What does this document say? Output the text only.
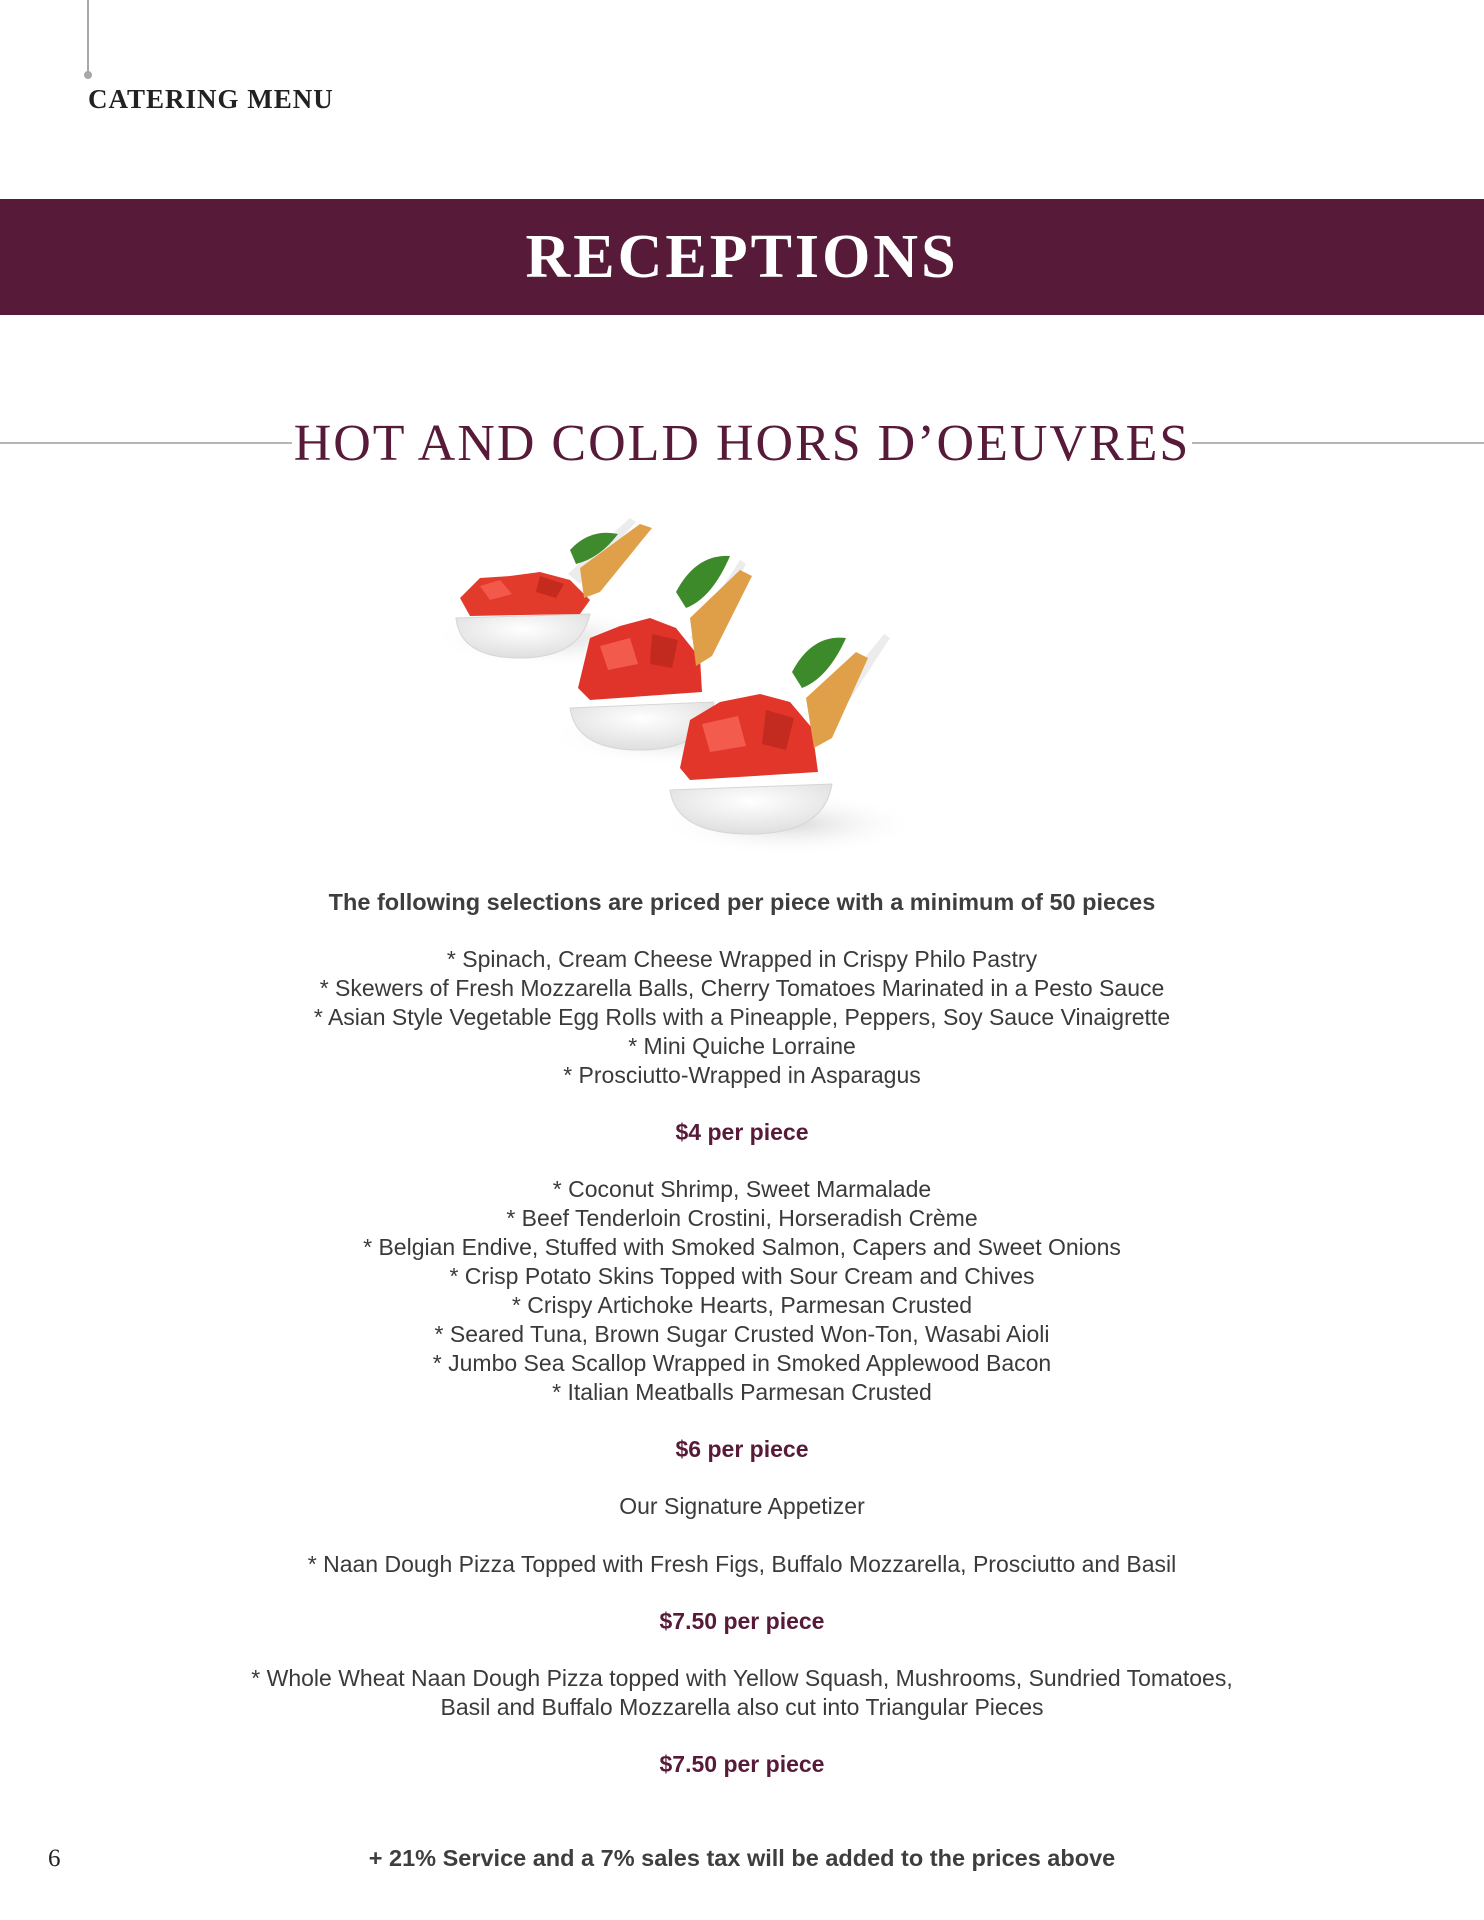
CATERING MENU
RECEPTIONS
HOT AND COLD HORS D’OEUVRES
The following selections are priced per piece with a minimum of 50 pieces

* Spinach, Cream Cheese Wrapped in Crispy Philo Pastry

* Skewers of Fresh Mozzarella Balls, Cherry Tomatoes Marinated in a Pesto Sauce

* Asian Style Vegetable Egg Rolls with a Pineapple, Peppers, Soy Sauce Vinaigrette

* Mini Quiche Lorraine

* Prosciutto-Wrapped in Asparagus

$4 per piece

* Coconut Shrimp, Sweet Marmalade

* Beef Tenderloin Crostini, Horseradish Crème

* Belgian Endive, Stuffed with Smoked Salmon, Capers and Sweet Onions

* Crisp Potato Skins Topped with Sour Cream and Chives

* Crispy Artichoke Hearts, Parmesan Crusted

* Seared Tuna, Brown Sugar Crusted Won-Ton, Wasabi Aioli

* Jumbo Sea Scallop Wrapped in Smoked Applewood Bacon

* Italian Meatballs Parmesan Crusted

$6 per piece

Our Signature Appetizer

* Naan Dough Pizza Topped with Fresh Figs, Buffalo Mozzarella, Prosciutto and Basil

$7.50 per piece

* Whole Wheat Naan Dough Pizza topped with Yellow Squash, Mushrooms, Sundried Tomatoes,

Basil and Buffalo Mozzarella also cut into Triangular Pieces

$7.50 per piece
6	+ 21% Service and a 7% sales tax will be added to the prices above
